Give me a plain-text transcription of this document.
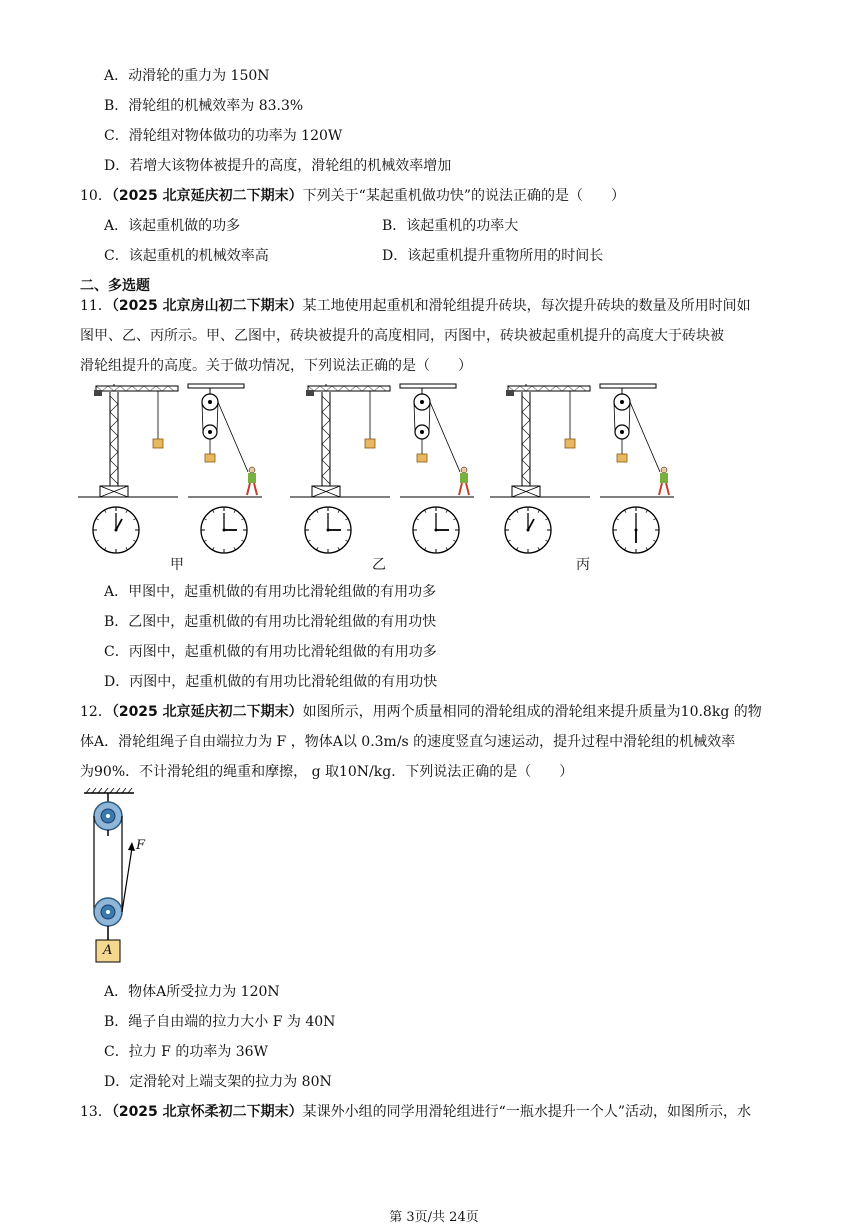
A．动滑轮的重力为 150N
B．滑轮组的机械效率为 83.3%
C．滑轮组对物体做功的功率为 120W
D．若增大该物体被提升的高度，滑轮组的机械效率增加
10．（2025 北京延庆初二下期末）下列关于“某起重机做功快”的说法正确的是（　　）
A．该起重机做的功多	B．该起重机的功率大
C．该起重机的机械效率高	D．该起重机提升重物所用的时间长
二、多选题
11．（2025 北京房山初二下期末）某工地使用起重机和滑轮组提升砖块，每次提升砖块的数量及所用时间如
图甲、乙、丙所示。甲、乙图中，砖块被提升的高度相同，丙图中，砖块被起重机提升的高度大于砖块被
滑轮组提升的高度。关于做功情况，下列说法正确的是（　　）
甲	乙	丙
A．甲图中，起重机做的有用功比滑轮组做的有用功多
B．乙图中，起重机做的有用功比滑轮组做的有用功快
C．丙图中，起重机做的有用功比滑轮组做的有用功多
D．丙图中，起重机做的有用功比滑轮组做的有用功快
12．（2025 北京延庆初二下期末）如图所示，用两个质量相同的滑轮组成的滑轮组来提升质量为10.8kg 的物
体A．滑轮组绳子自由端拉力为 F ，物体A以 0.3m/s 的速度竖直匀速运动，提升过程中滑轮组的机械效率
为90%．不计滑轮组的绳重和摩擦， g 取10N/kg．下列说法正确的是（　　）
F
A
A．物体A所受拉力为 120N
B．绳子自由端的拉力大小 F 为 40N
C．拉力 F 的功率为 36W
D．定滑轮对上端支架的拉力为 80N
13．（2025 北京怀柔初二下期末）某课外小组的同学用滑轮组进行“一瓶水提升一个人”活动，如图所示，水
第 3页/共 24页
